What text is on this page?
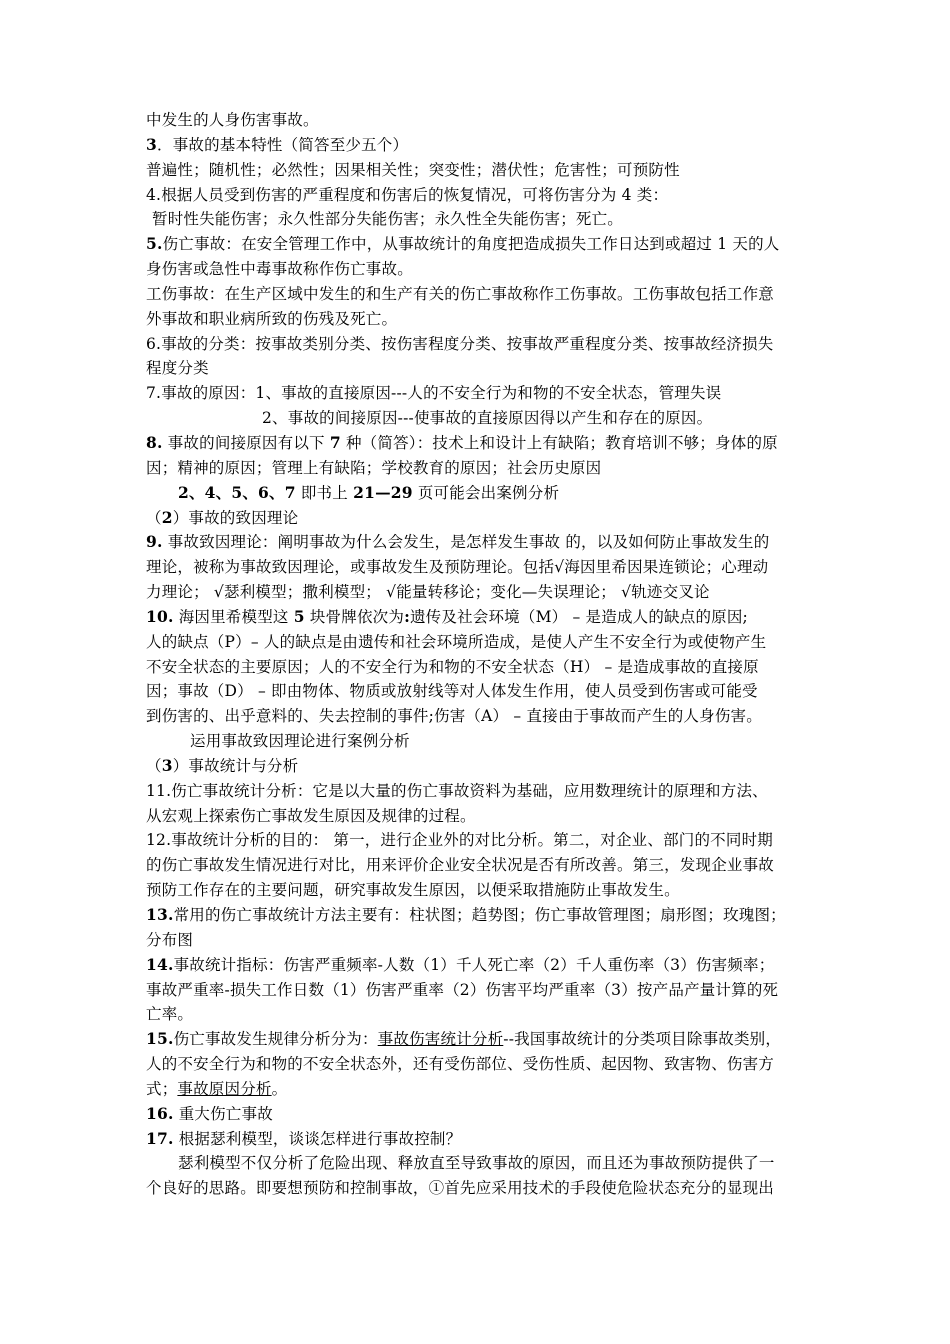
中发生的人身伤害事故。
3．事故的基本特性（简答至少五个）
普遍性；随机性；必然性；因果相关性；突变性；潜伏性；危害性；可预防性
4.根据人员受到伤害的严重程度和伤害后的恢复情况，可将伤害分为 4 类：
暂时性失能伤害；永久性部分失能伤害；永久性全失能伤害；死亡。
5.伤亡事故：在安全管理工作中，从事故统计的角度把造成损失工作日达到或超过 1 天的人
身伤害或急性中毒事故称作伤亡事故。
工伤事故：在生产区域中发生的和生产有关的伤亡事故称作工伤事故。工伤事故包括工作意
外事故和职业病所致的伤残及死亡。
6.事故的分类：按事故类别分类、按伤害程度分类、按事故严重程度分类、按事故经济损失
程度分类
7.事故的原因：1、事故的直接原因---人的不安全行为和物的不安全状态，管理失误
2、事故的间接原因---使事故的直接原因得以产生和存在的原因。
8. 事故的间接原因有以下 7 种（简答）：技术上和设计上有缺陷；教育培训不够；身体的原
因；精神的原因；管理上有缺陷；学校教育的原因；社会历史原因
2、4、5、6、7 即书上 21—29 页可能会出案例分析
（2）事故的致因理论
9. 事故致因理论：阐明事故为什么会发生，是怎样发生事故 的，以及如何防止事故发生的
理论，被称为事故致因理论，或事故发生及预防理论。包括√海因里希因果连锁论；心理动
力理论； √瑟利模型；撒利模型； √能量转移论；变化—失误理论； √轨迹交叉论
10. 海因里希模型这 5 块骨牌依次为:遗传及社会环境（M） – 是造成人的缺点的原因;
人的缺点（P）– 人的缺点是由遗传和社会环境所造成，是使人产生不安全行为或使物产生
不安全状态的主要原因；人的不安全行为和物的不安全状态（H） – 是造成事故的直接原
因；事故（D） – 即由物体、物质或放射线等对人体发生作用，使人员受到伤害或可能受
到伤害的、出乎意料的、失去控制的事件;伤害（A） – 直接由于事故而产生的人身伤害。
运用事故致因理论进行案例分析
（3）事故统计与分析
11.伤亡事故统计分析：它是以大量的伤亡事故资料为基础，应用数理统计的原理和方法、
从宏观上探索伤亡事故发生原因及规律的过程。
12.事故统计分析的目的： 第一，进行企业外的对比分析。第二，对企业、部门的不同时期
的伤亡事故发生情况进行对比，用来评价企业安全状况是否有所改善。第三，发现企业事故
预防工作存在的主要问题，研究事故发生原因，以便采取措施防止事故发生。
13.常用的伤亡事故统计方法主要有：柱状图；趋势图；伤亡事故管理图；扇形图；玫瑰图；
分布图
14.事故统计指标：伤害严重频率-人数（1）千人死亡率（2）千人重伤率（3）伤害频率；
事故严重率-损失工作日数（1）伤害严重率（2）伤害平均严重率（3）按产品产量计算的死
亡率。
15.伤亡事故发生规律分析分为：事故伤害统计分析--我国事故统计的分类项目除事故类别，
人的不安全行为和物的不安全状态外，还有受伤部位、受伤性质、起因物、致害物、伤害方
式；事故原因分析。
16. 重大伤亡事故
17. 根据瑟利模型，谈谈怎样进行事故控制？
瑟利模型不仅分析了危险出现、释放直至导致事故的原因，而且还为事故预防提供了一
个良好的思路。即要想预防和控制事故，①首先应采用技术的手段使危险状态充分的显现出
